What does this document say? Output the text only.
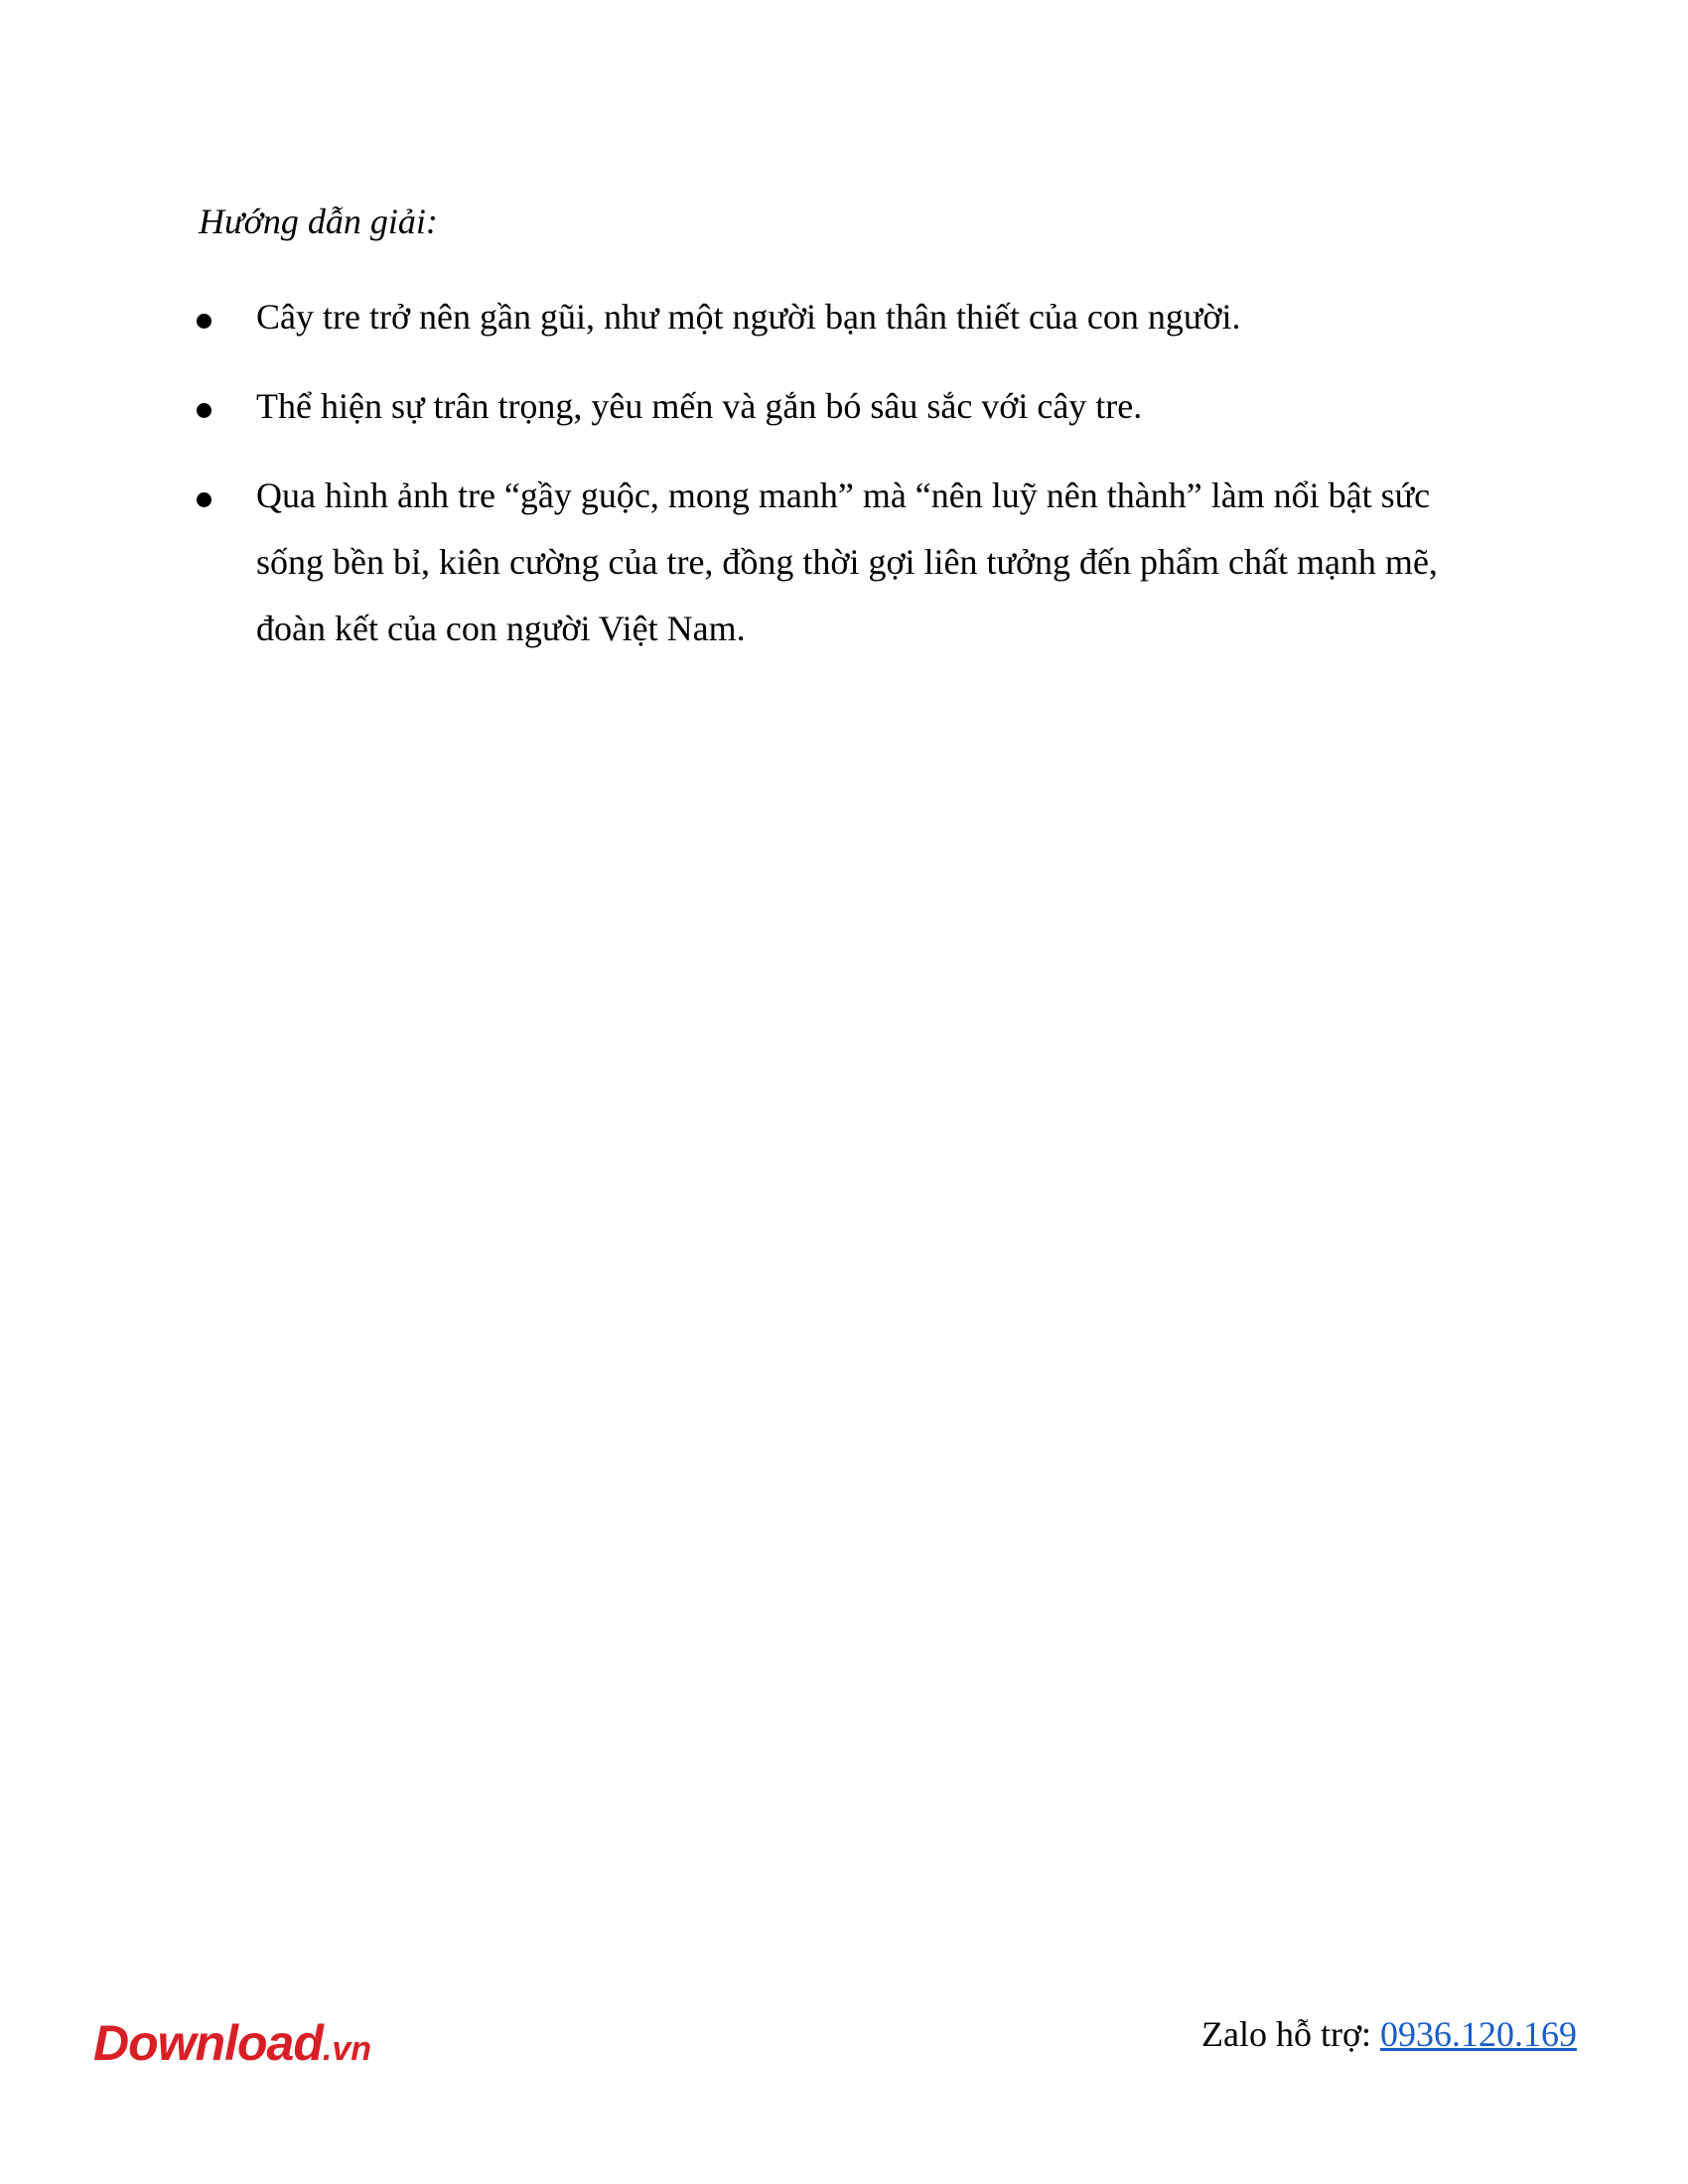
Hướng dẫn giải:
Cây tre trở nên gần gũi, như một người bạn thân thiết của con người.
Thể hiện sự trân trọng, yêu mến và gắn bó sâu sắc với cây tre.
Qua hình ảnh tre “gầy guộc, mong manh” mà “nên luỹ nên thành” làm nổi bật sức sống bền bỉ, kiên cường của tre, đồng thời gợi liên tưởng đến phẩm chất mạnh mẽ, đoàn kết của con người Việt Nam.
Download.vn	Zalo hỗ trợ: 0936.120.169
